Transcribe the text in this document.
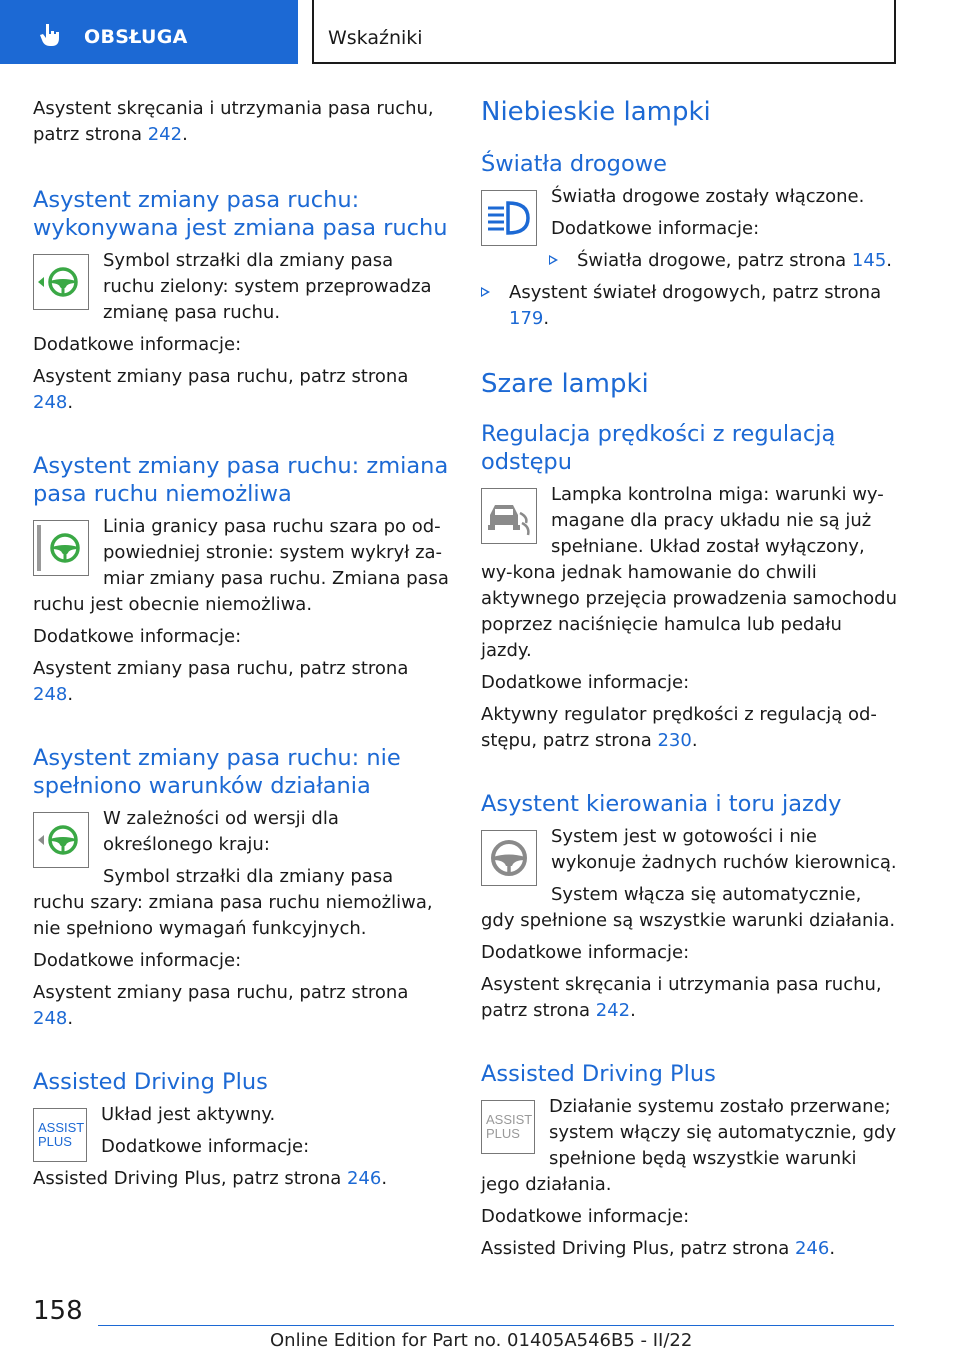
OBSŁUGA	Wskaźniki

Asystent skręcania i utrzymania pasa ruchu, patrz strona 242.

Asystent zmiany pasa ruchu: wykonywana jest zmiana pasa ruchu

Symbol strzałki dla zmiany pasa ruchu zielony: system przeprowadza zmianę pasa ruchu.

Dodatkowe informacje:

Asystent zmiany pasa ruchu, patrz strona 248.

Asystent zmiany pasa ruchu: zmiana pasa ruchu niemożliwa

Linia granicy pasa ruchu szara po od-powiedniej stronie: system wykrył za-miar zmiany pasa ruchu. Zmiana pasa ruchu jest obecnie niemożliwa.

Dodatkowe informacje:

Asystent zmiany pasa ruchu, patrz strona 248.

Asystent zmiany pasa ruchu: nie spełniono warunków działania

W zależności od wersji dla określonego kraju:

Symbol strzałki dla zmiany pasa ruchu szary: zmiana pasa ruchu niemożliwa, nie spełniono wymagań funkcyjnych.

Dodatkowe informacje:

Asystent zmiany pasa ruchu, patrz strona 248.

Assisted Driving Plus
ASSIST
PLUS

Układ jest aktywny.

Dodatkowe informacje:

Assisted Driving Plus, patrz strona 246.

Niebieskie lampki
Światła drogowe

Światła drogowe zostały włączone.

Dodatkowe informacje:

Światła drogowe, patrz strona 145.

Asystent świateł drogowych, patrz strona 179.

Szare lampki
Regulacja prędkości z regulacją odstępu

Lampka kontrolna miga: warunki wy-magane dla pracy układu nie są już spełniane. Układ został wyłączony, wy-kona jednak hamowanie do chwili aktywnego przejęcia prowadzenia samochodu poprzez naciśnięcie hamulca lub pedału jazdy.

Dodatkowe informacje:

Aktywny regulator prędkości z regulacją od-stępu, patrz strona 230.

Asystent kierowania i toru jazdy

System jest w gotowości i nie wykonuje żadnych ruchów kierownicą.

System włącza się automatycznie, gdy spełnione są wszystkie warunki działania.

Dodatkowe informacje:

Asystent skręcania i utrzymania pasa ruchu, patrz strona 242.

Assisted Driving Plus
ASSIST
PLUS

Działanie systemu zostało przerwane; system włączy się automatycznie, gdy spełnione będą wszystkie warunki jego działania.

Dodatkowe informacje:

Assisted Driving Plus, patrz strona 246.

158
Online Edition for Part no. 01405A546B5 - II/22
